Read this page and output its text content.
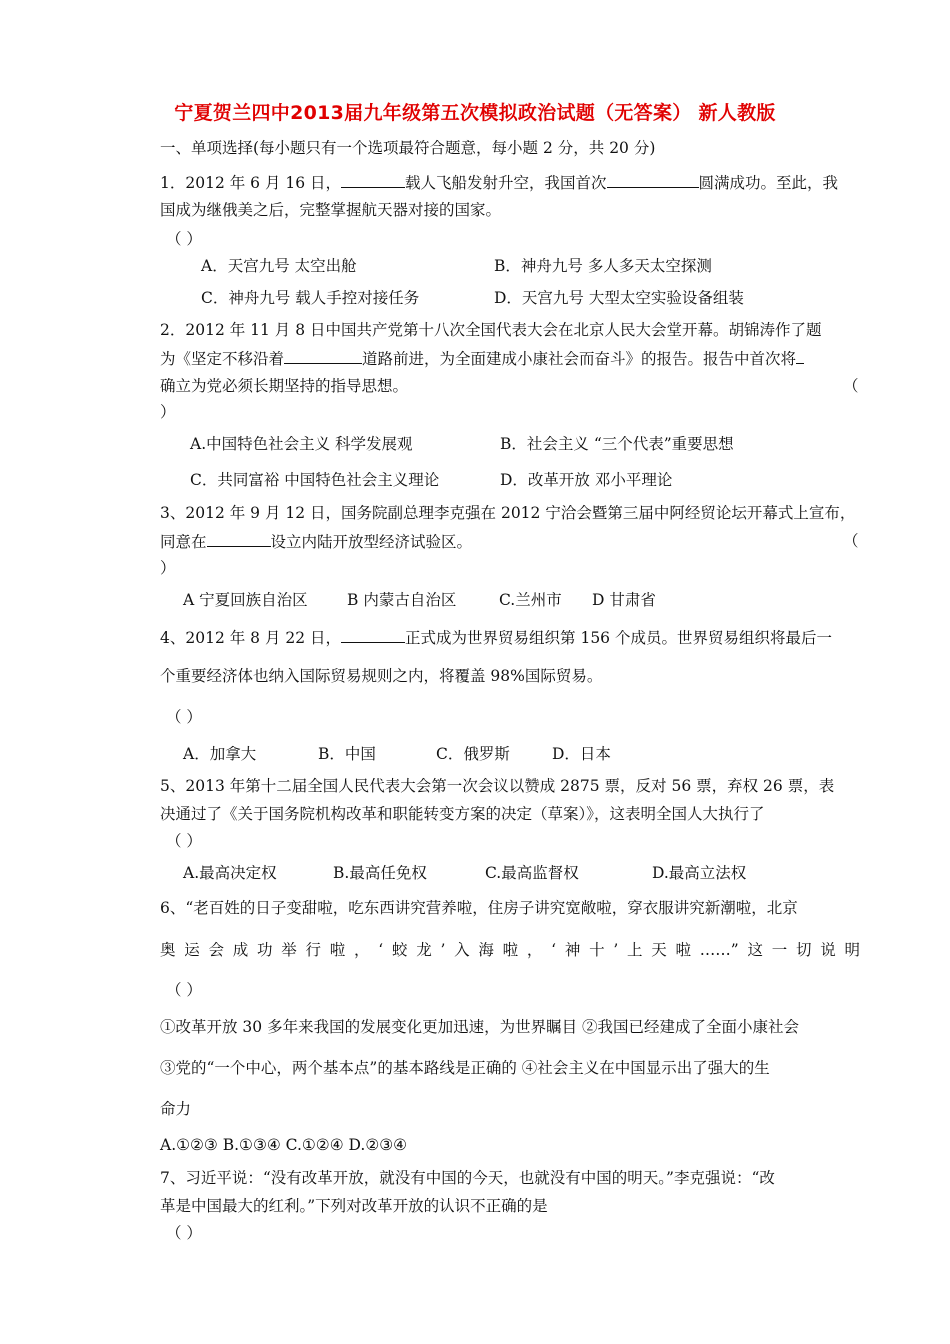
宁夏贺兰四中2013届九年级第五次模拟政治试题（无答案） 新人教版
一、单项选择(每小题只有一个选项最符合题意，每小题 2 分，共 20 分)
1．2012 年 6 月 16 日，	载人飞船发射升空，我国首次	圆满成功。至此，我
国成为继俄美之后，完整掌握航天器对接的国家。
（ ）
A．天宫九号 太空出舱	B．神舟九号 多人多天太空探测
C．神舟九号 载人手控对接任务	D．天宫九号 大型太空实验设备组装
2．2012 年 11 月 8 日中国共产党第十八次全国代表大会在北京人民大会堂开幕。胡锦涛作了题
为《坚定不移沿着	道路前进，为全面建成小康社会而奋斗》的报告。报告中首次将
确立为党必须长期坚持的指导思想。	（
）
A.中国特色社会主义 科学发展观	B．社会主义 “三个代表”重要思想
C．共同富裕 中国特色社会主义理论	D．改革开放 邓小平理论
3、2012 年 9 月 12 日，国务院副总理李克强在 2012 宁洽会暨第三届中阿经贸论坛开幕式上宣布，
同意在	设立内陆开放型经济试验区。	（
）
A 宁夏回族自治区	B 内蒙古自治区	C.兰州市 D 甘肃省
4、2012 年 8 月 22 日，	正式成为世界贸易组织第 156 个成员。世界贸易组织将最后一
个重要经济体也纳入国际贸易规则之内，将覆盖 98%国际贸易。
（ ）
A．加拿大	B．中国	C．俄罗斯	D．日本
5、2013 年第十二届全国人民代表大会第一次会议以赞成 2875 票，反对 56 票，弃权 26 票，表
决通过了《关于国务院机构改革和职能转变方案的决定（草案）》，这表明全国人大执行了
（ ）
A.最高决定权	B.最高任免权	C.最高监督权	D.最高立法权
6、“老百姓的日子变甜啦，吃东西讲究营养啦，住房子讲究宽敞啦，穿衣服讲究新潮啦，北京
奥运会成功举行啦，‘蛟龙’入海啦，‘神十’上天啦……”这一切说明
（ ）
①改革开放 30 多年来我国的发展变化更加迅速，为世界瞩目 ②我国已经建成了全面小康社会
③党的“一个中心，两个基本点”的基本路线是正确的 ④社会主义在中国显示出了强大的生
命力
A.①②③ B.①③④ C.①②④ D.②③④
7、习近平说：“没有改革开放，就没有中国的今天，也就没有中国的明天。”李克强说：“改
革是中国最大的红利。”下列对改革开放的认识不正确的是
（ ）
